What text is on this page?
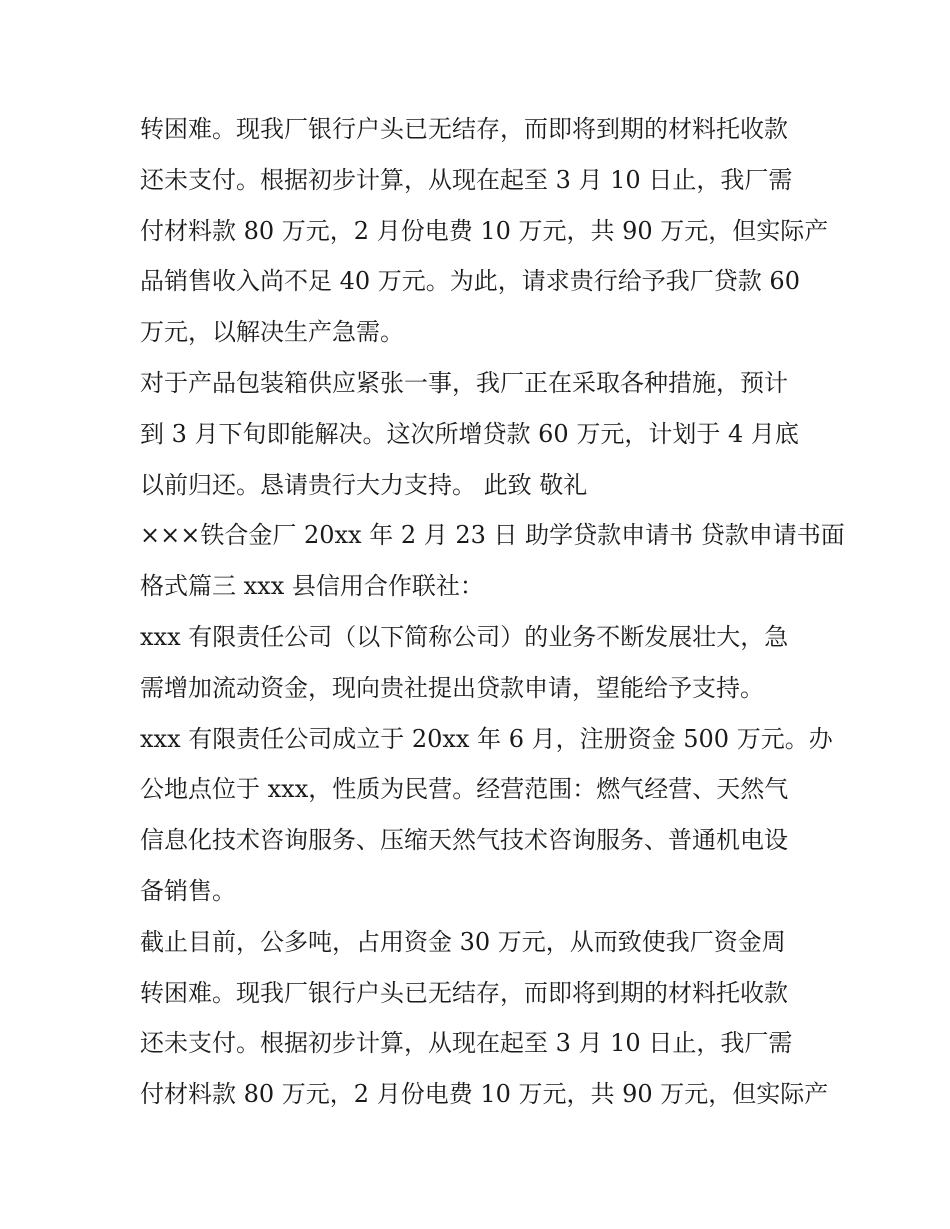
转困难。现我厂银行户头已无结存，而即将到期的材料托收款
还未支付。根据初步计算，从现在起至 3 月 10 日止，我厂需
付材料款 80 万元，2 月份电费 10 万元，共 90 万元，但实际产
品销售收入尚不足 40 万元。为此，请求贵行给予我厂贷款 60
万元，以解决生产急需。
对于产品包装箱供应紧张一事，我厂正在采取各种措施，预计
到 3 月下旬即能解决。这次所增贷款 60 万元，计划于 4 月底
以前归还。恳请贵行大力支持。 此致 敬礼
×××铁合金厂 20xx 年 2 月 23 日 助学贷款申请书 贷款申请书面
格式篇三 xxx 县信用合作联社：
xxx 有限责任公司（以下简称公司）的业务不断发展壮大，急
需增加流动资金，现向贵社提出贷款申请，望能给予支持。
xxx 有限责任公司成立于 20xx 年 6 月，注册资金 500 万元。办
公地点位于 xxx，性质为民营。经营范围：燃气经营、天然气
信息化技术咨询服务、压缩天然气技术咨询服务、普通机电设
备销售。
截止目前，公多吨，占用资金 30 万元，从而致使我厂资金周
转困难。现我厂银行户头已无结存，而即将到期的材料托收款
还未支付。根据初步计算，从现在起至 3 月 10 日止，我厂需
付材料款 80 万元，2 月份电费 10 万元，共 90 万元，但实际产
